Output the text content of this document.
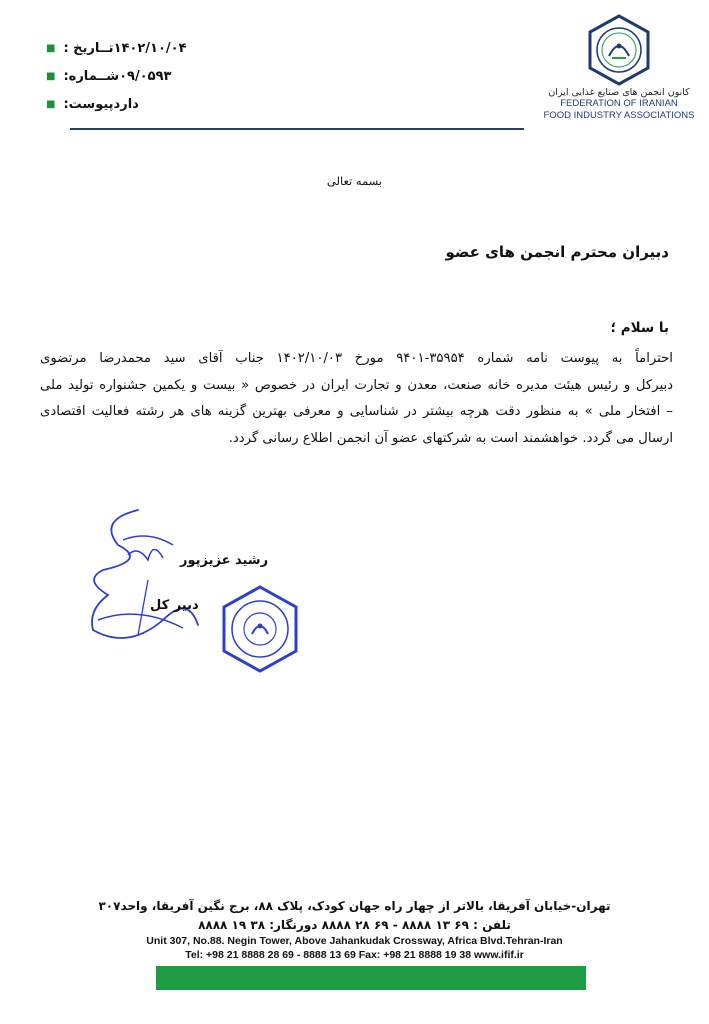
■ تــاریخ : ۱۴۰۲/۱۰/۰۴
■ شــماره: ۰۹/۰۵۹۳
■ پیوست: دارد
کانون انجمن های صنایع غذایی ایران
FEDERATION OF IRANIAN
FOOD INDUSTRY ASSOCIATIONS
بسمه تعالی
دبیران محترم انجمن های عضو
با سلام ؛
احتراماً به پیوست نامه شماره ۳۵۹۵۴-۹۴۰۱ مورخ ۱۴۰۲/۱۰/۰۳ جناب آقای سید محمدرضا مرتضوی
دبیرکل و رئیس هیئت مدیره خانه صنعت، معدن و تجارت ایران در خصوص « بیست و یکمین جشنواره تولید ملی
– افتخار ملی » به منظور دقت هرچه بیشتر در شناسایی و معرفی بهترین گزینه های هر رشته فعالیت اقتصادی
ارسال می گردد. خواهشمند است به شرکتهای عضو آن انجمن اطلاع رسانی گردد.
رشید عزیزپور
دبیر کل
تهران-خیابان آفریقا، بالاتر از چهار راه جهان کودک، پلاک ۸۸، برج نگین آفریقا، واحد۳۰۷
تلفن : ۶۹ ۱۳ ۸۸۸۸ - ۶۹ ۲۸ ۸۸۸۸ دورنگار: ۳۸ ۱۹ ۸۸۸۸
Unit 307, No.88. Negin Tower, Above Jahankudak Crossway, Africa Blvd.Tehran-Iran
Tel: +98 21 8888 28 69 - 8888 13 69 Fax: +98 21 8888 19 38 www.ifif.ir
